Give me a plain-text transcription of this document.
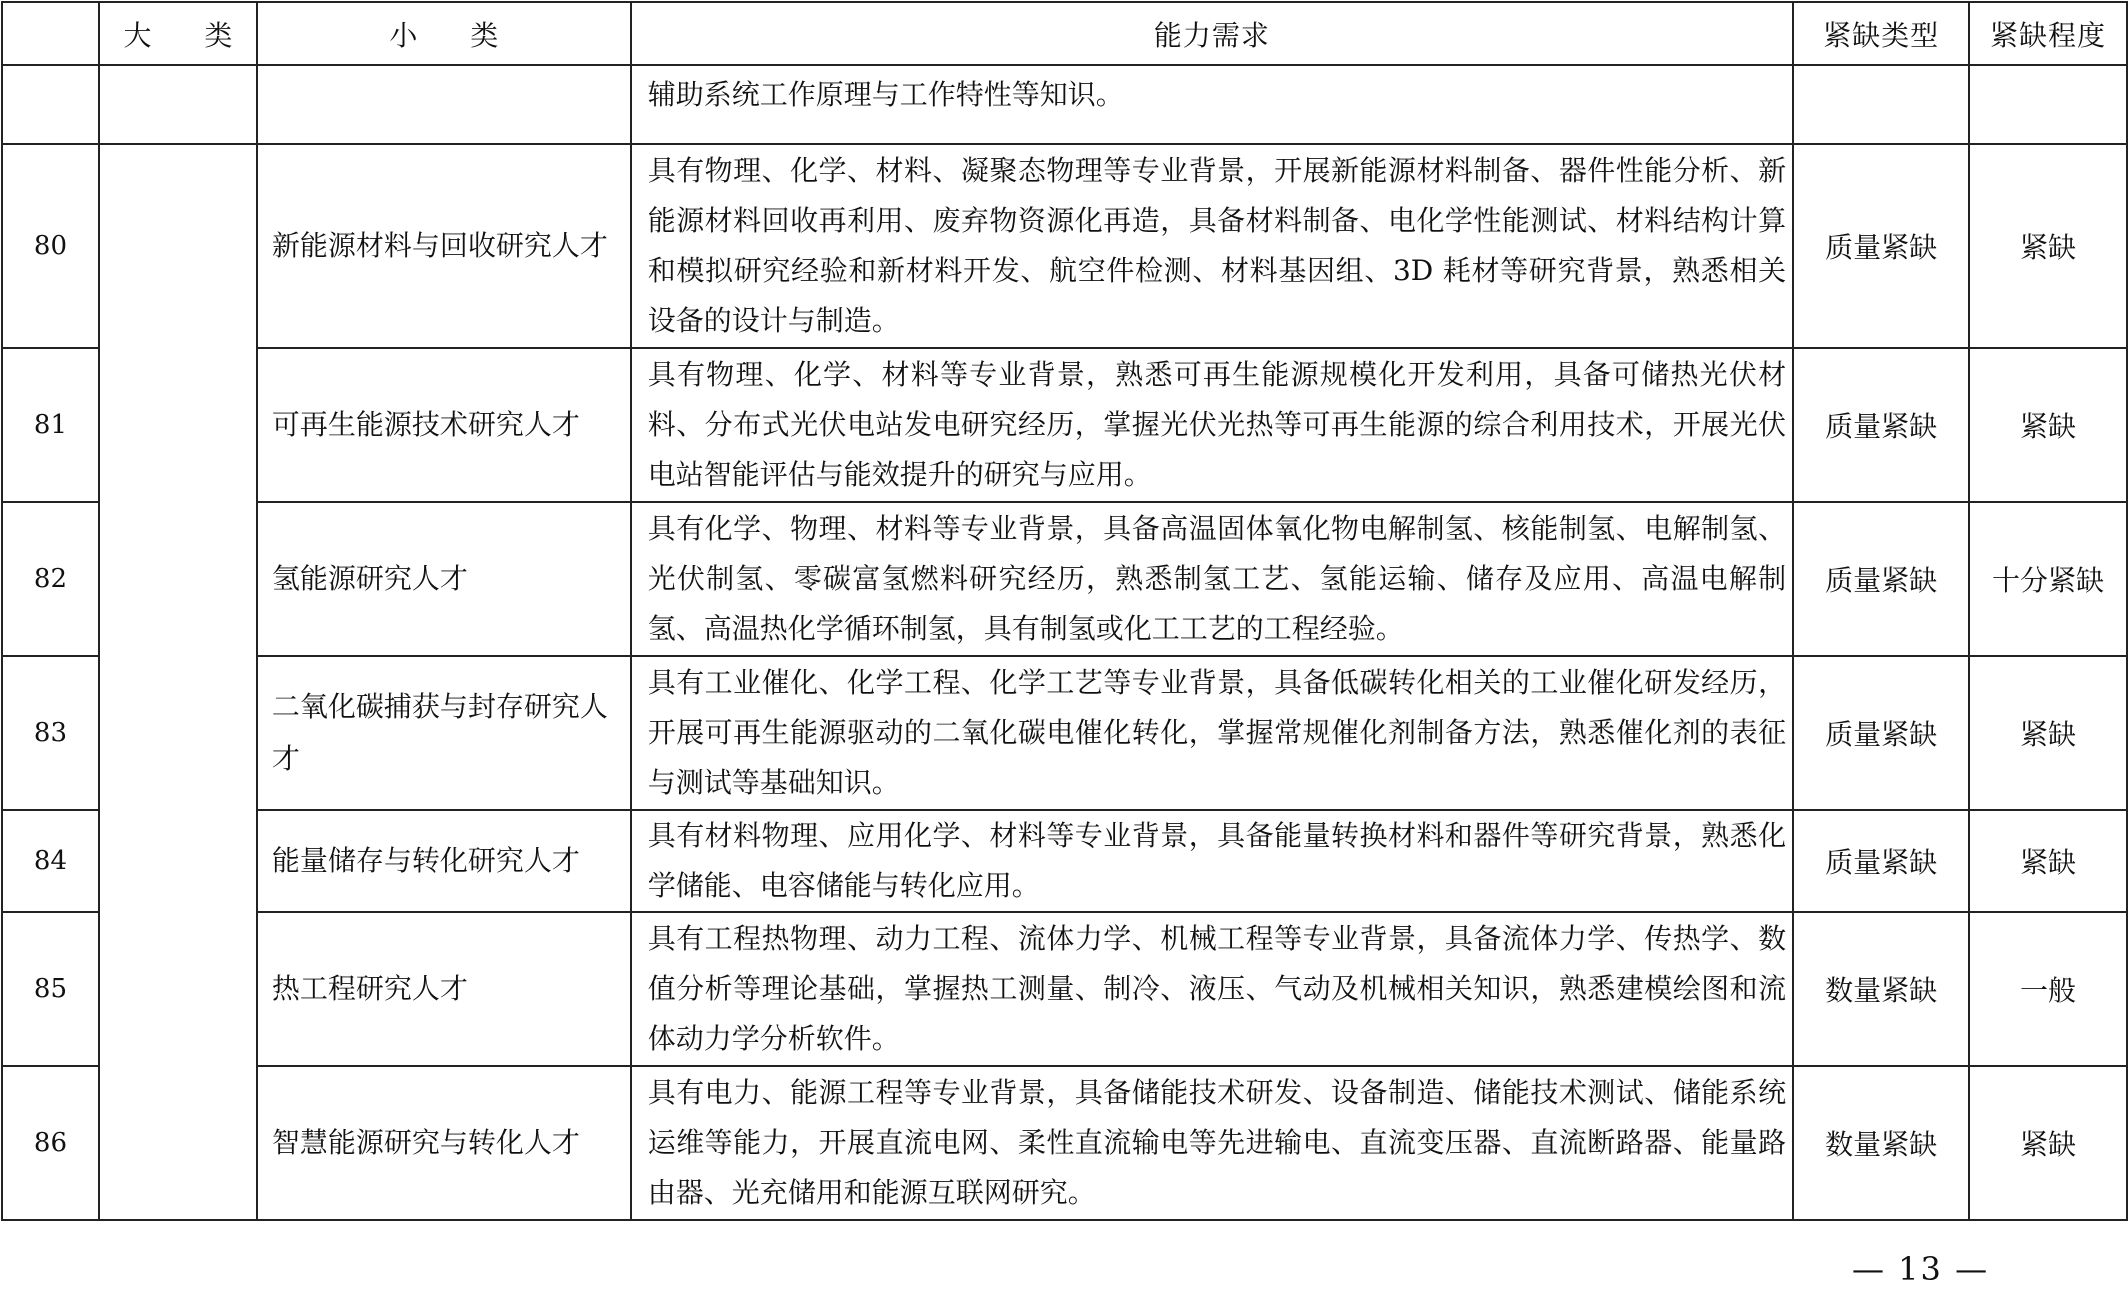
	大 类	小 类	能力需求	紧缺类型	紧缺程度
			辅助系统工作原理与工作特性等知识。		
80		新能源材料与回收研究人才	具有物理、化学、材料、凝聚态物理等专业背景，开展新能源材料制备、器件性能分析、新能源材料回收再利用、废弃物资源化再造，具备材料制备、电化学性能测试、材料结构计算和模拟研究经验和新材料开发、航空件检测、材料基因组、3D 耗材等研究背景，熟悉相关设备的设计与制造。	质量紧缺	紧缺
81		可再生能源技术研究人才	具有物理、化学、材料等专业背景，熟悉可再生能源规模化开发利用，具备可储热光伏材料、分布式光伏电站发电研究经历，掌握光伏光热等可再生能源的综合利用技术，开展光伏电站智能评估与能效提升的研究与应用。	质量紧缺	紧缺
82		氢能源研究人才	具有化学、物理、材料等专业背景，具备高温固体氧化物电解制氢、核能制氢、电解制氢、光伏制氢、零碳富氢燃料研究经历，熟悉制氢工艺、氢能运输、储存及应用、高温电解制氢、高温热化学循环制氢，具有制氢或化工工艺的工程经验。	质量紧缺	十分紧缺
83		二氧化碳捕获与封存研究人才	具有工业催化、化学工程、化学工艺等专业背景，具备低碳转化相关的工业催化研发经历，开展可再生能源驱动的二氧化碳电催化转化，掌握常规催化剂制备方法，熟悉催化剂的表征与测试等基础知识。	质量紧缺	紧缺
84		能量储存与转化研究人才	具有材料物理、应用化学、材料等专业背景，具备能量转换材料和器件等研究背景，熟悉化学储能、电容储能与转化应用。	质量紧缺	紧缺
85		热工程研究人才	具有工程热物理、动力工程、流体力学、机械工程等专业背景，具备流体力学、传热学、数值分析等理论基础，掌握热工测量、制冷、液压、气动及机械相关知识，熟悉建模绘图和流体动力学分析软件。	数量紧缺	一般
86		智慧能源研究与转化人才	具有电力、能源工程等专业背景，具备储能技术研发、设备制造、储能技术测试、储能系统运维等能力，开展直流电网、柔性直流输电等先进输电、直流变压器、直流断路器、能量路由器、光充储用和能源互联网研究。	数量紧缺	紧缺
— 13 —
